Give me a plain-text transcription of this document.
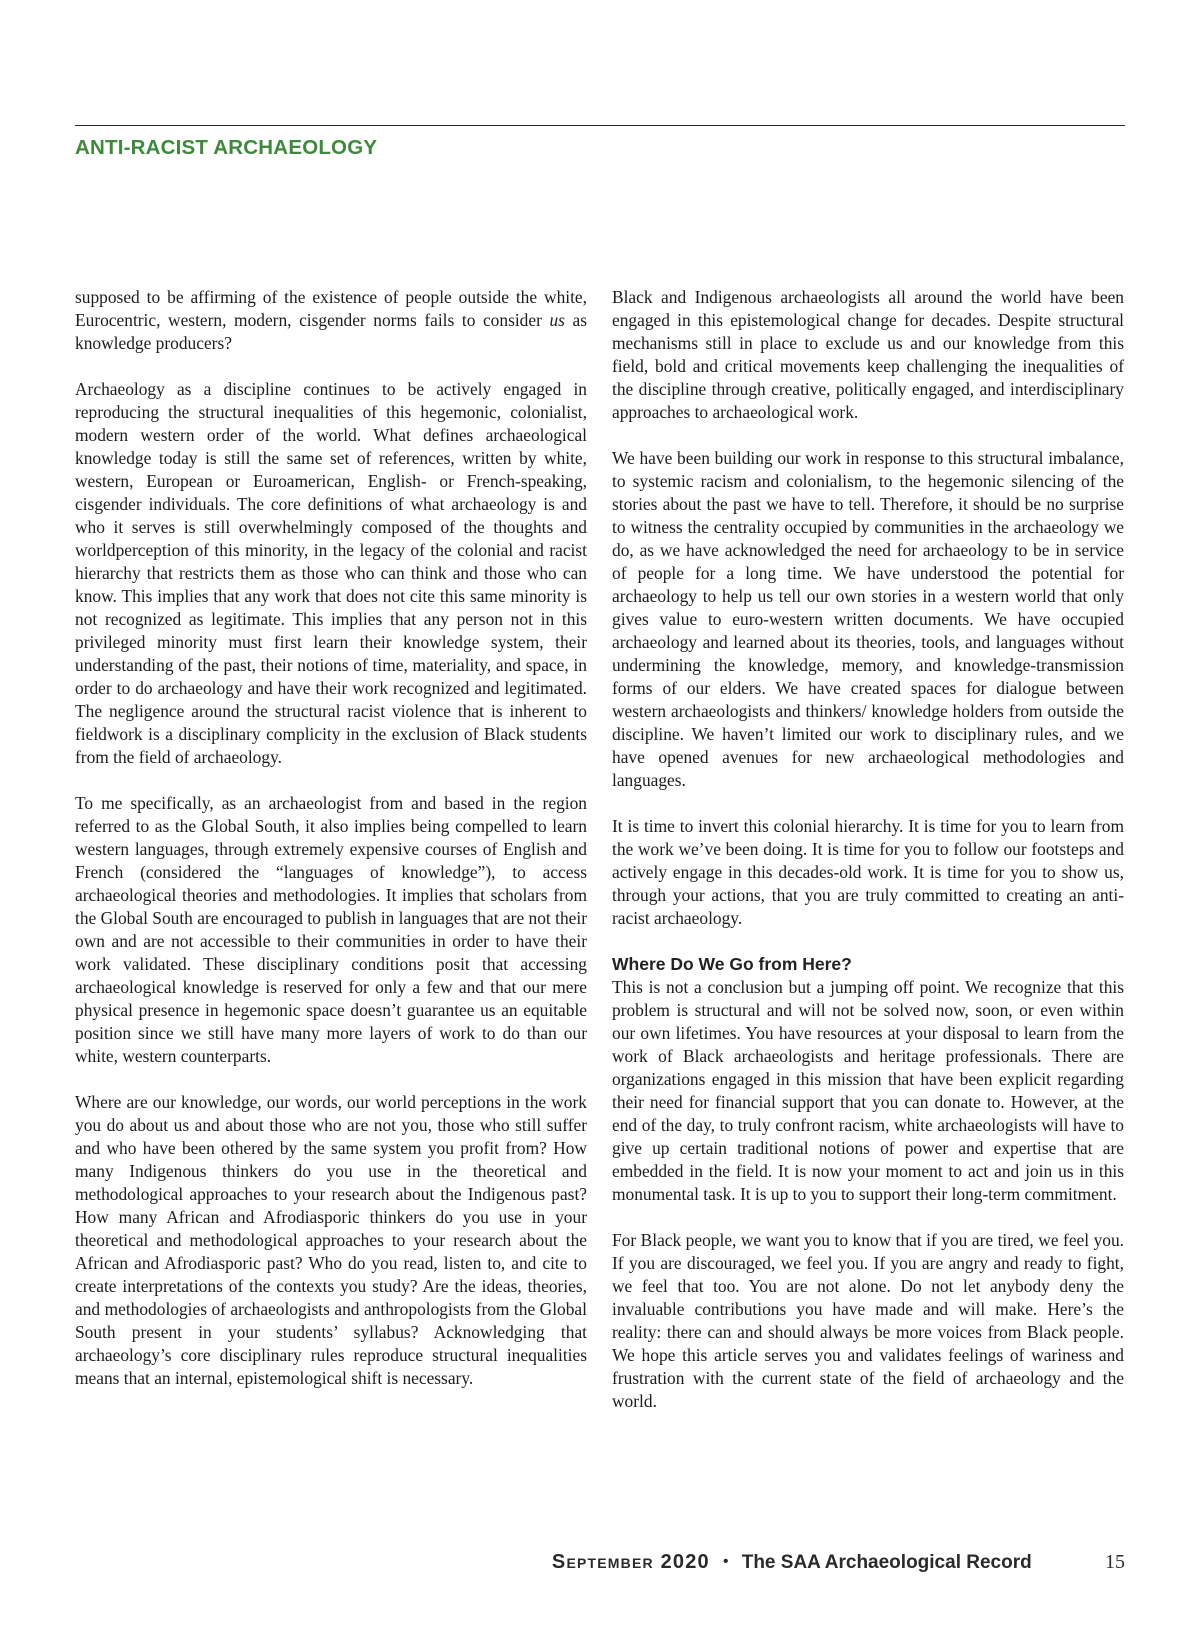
ANTI-RACIST ARCHAEOLOGY

supposed to be affirming of the existence of people outside the white, Eurocentric, western, modern, cisgender norms fails to consider us as knowledge producers?

Archaeology as a discipline continues to be actively engaged in reproducing the structural inequalities of this hegemonic, colonialist, modern western order of the world. What defines archaeological knowledge today is still the same set of references, written by white, western, European or Euroamerican, English- or French-speaking, cisgender individuals. The core definitions of what archaeology is and who it serves is still overwhelmingly composed of the thoughts and worldperception of this minority, in the legacy of the colonial and racist hierarchy that restricts them as those who can think and those who can know. This implies that any work that does not cite this same minority is not recognized as legitimate. This implies that any person not in this privileged minority must first learn their knowledge system, their understanding of the past, their notions of time, materiality, and space, in order to do archaeology and have their work recognized and legitimated. The negligence around the structural racist violence that is inherent to fieldwork is a disciplinary complicity in the exclusion of Black students from the field of archaeology.

To me specifically, as an archaeologist from and based in the region referred to as the Global South, it also implies being compelled to learn western languages, through extremely expensive courses of English and French (considered the “languages of knowledge”), to access archaeological theories and methodologies. It implies that scholars from the Global South are encouraged to publish in languages that are not their own and are not accessible to their communities in order to have their work validated. These disciplinary conditions posit that accessing archaeological knowledge is reserved for only a few and that our mere physical presence in hegemonic space doesn’t guarantee us an equitable position since we still have many more layers of work to do than our white, western counterparts.

Where are our knowledge, our words, our world perceptions in the work you do about us and about those who are not you, those who still suffer and who have been othered by the same system you profit from? How many Indigenous thinkers do you use in the theoretical and methodological approaches to your research about the Indigenous past? How many African and Afrodiasporic thinkers do you use in your theoretical and methodological approaches to your research about the African and Afrodiasporic past? Who do you read, listen to, and cite to create interpretations of the contexts you study? Are the ideas, theories, and methodologies of archaeologists and anthropologists from the Global South present in your students’ syllabus? Acknowledging that archaeology’s core disciplinary rules reproduce structural inequalities means that an internal, epistemological shift is necessary.

Black and Indigenous archaeologists all around the world have been engaged in this epistemological change for decades. Despite structural mechanisms still in place to exclude us and our knowledge from this field, bold and critical movements keep challenging the inequalities of the discipline through creative, politically engaged, and interdisciplinary approaches to archaeological work.

We have been building our work in response to this structural imbalance, to systemic racism and colonialism, to the hegemonic silencing of the stories about the past we have to tell. Therefore, it should be no surprise to witness the centrality occupied by communities in the archaeology we do, as we have acknowledged the need for archaeology to be in service of people for a long time. We have understood the potential for archaeology to help us tell our own stories in a western world that only gives value to euro-western written documents. We have occupied archaeology and learned about its theories, tools, and languages without undermining the knowledge, memory, and knowledge-transmission forms of our elders. We have created spaces for dialogue between western archaeologists and thinkers/ knowledge holders from outside the discipline. We haven’t limited our work to disciplinary rules, and we have opened avenues for new archaeological methodologies and languages.

It is time to invert this colonial hierarchy. It is time for you to learn from the work we’ve been doing. It is time for you to follow our footsteps and actively engage in this decades-old work. It is time for you to show us, through your actions, that you are truly committed to creating an anti-racist archaeology.

Where Do We Go from Here?

This is not a conclusion but a jumping off point. We recognize that this problem is structural and will not be solved now, soon, or even within our own lifetimes. You have resources at your disposal to learn from the work of Black archaeologists and heritage professionals. There are organizations engaged in this mission that have been explicit regarding their need for financial support that you can donate to. However, at the end of the day, to truly confront racism, white archaeologists will have to give up certain traditional notions of power and expertise that are embedded in the field. It is now your moment to act and join us in this monumental task. It is up to you to support their long-term commitment.

For Black people, we want you to know that if you are tired, we feel you. If you are discouraged, we feel you. If you are angry and ready to fight, we feel that too. You are not alone. Do not let anybody deny the invaluable contributions you have made and will make. Here’s the reality: there can and should always be more voices from Black people. We hope this article serves you and validates feelings of wariness and frustration with the current state of the field of archaeology and the world.

September 2020 • The SAA Archaeological Record	15
